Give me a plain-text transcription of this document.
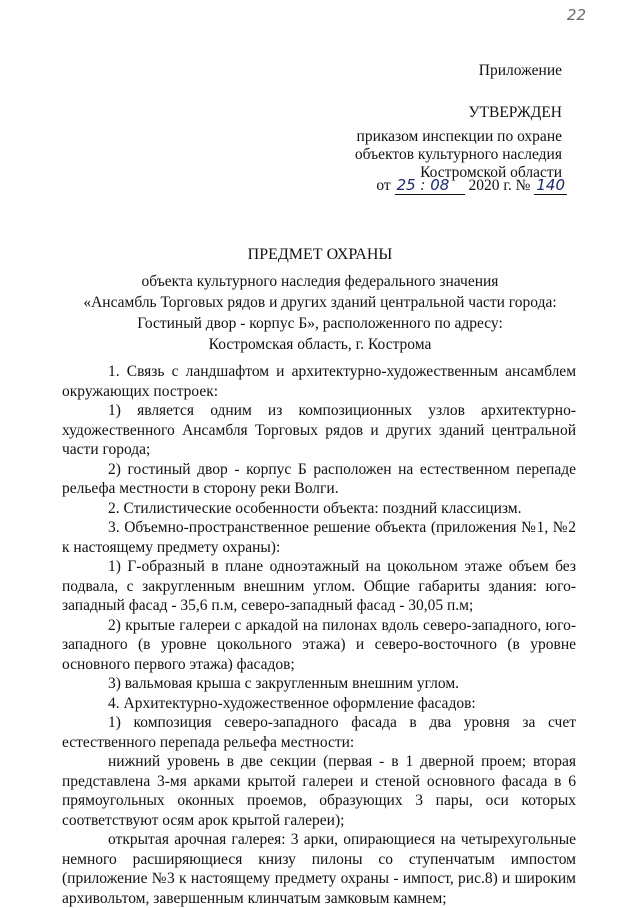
22
Приложение
УТВЕРЖДЕН
приказом инспекции по охране
объектов культурного наследия
Костромской области
от 25 : 08 2020 г. № 140
ПРЕДМЕТ ОХРАНЫ
объекта культурного наследия федерального значения
«Ансамбль Торговых рядов и других зданий центральной части города:
Гостиный двор - корпус Б», расположенного по адресу:
Костромская область, г. Кострома

1. Связь с ландшафтом и архитектурно-художественным ансамблем окружающих построек:

1) является одним из композиционных узлов архитектурно-художественного Ансамбля Торговых рядов и других зданий центральной части города;

2) гостиный двор - корпус Б расположен на естественном перепаде рельефа местности в сторону реки Волги.

2. Стилистические особенности объекта: поздний классицизм.

3. Объемно-пространственное решение объекта (приложения №1, №2 к настоящему предмету охраны):

1) Г-образный в плане одноэтажный на цокольном этаже объем без подвала, с закругленным внешним углом. Общие габариты здания: юго-западный фасад - 35,6 п.м, северо-западный фасад - 30,05 п.м;

2) крытые галереи с аркадой на пилонах вдоль северо-западного, юго-западного (в уровне цокольного этажа) и северо-восточного (в уровне основного первого этажа) фасадов;

3) вальмовая крыша с закругленным внешним углом.

4. Архитектурно-художественное оформление фасадов:

1) композиция северо-западного фасада в два уровня за счет естественного перепада рельефа местности:

нижний уровень в две секции (первая - в 1 дверной проем; вторая представлена 3-мя арками крытой галереи и стеной основного фасада в 6 прямоугольных оконных проемов, образующих 3 пары, оси которых соответствуют осям арок крытой галереи);

открытая арочная галерея: 3 арки, опирающиеся на четырехугольные немного расширяющиеся книзу пилоны со ступенчатым импостом (приложение №3 к настоящему предмету охраны - импост, рис.8) и широким архивольтом, завершенным клинчатым замковым камнем;
